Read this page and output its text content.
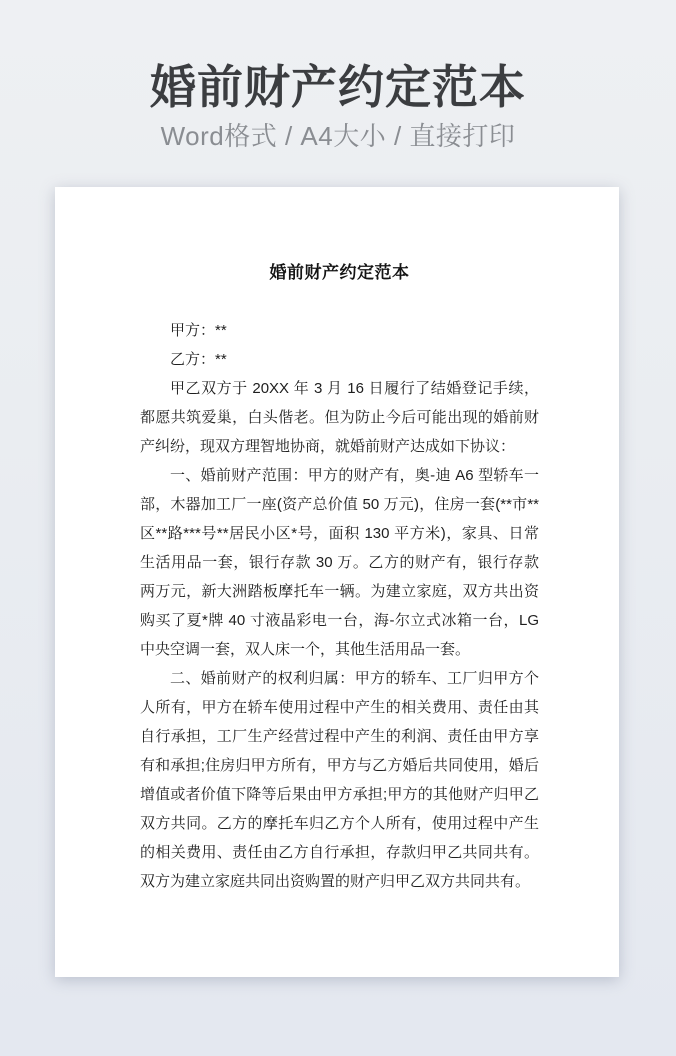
婚前财产约定范本

Word格式 / A4大小 / 直接打印

婚前财产约定范本

甲方：**

乙方：**

甲乙双方于 20XX 年 3 月 16 日履行了结婚登记手续，都愿共筑爱巢，白头偕老。但为防止今后可能出现的婚前财产纠纷，现双方理智地协商，就婚前财产达成如下协议：

一、婚前财产范围：甲方的财产有，奥-迪 A6 型轿车一部，木器加工厂一座(资产总价值 50 万元)，住房一套(**市**区**路***号**居民小区*号，面积 130 平方米)，家具、日常生活用品一套，银行存款 30 万。乙方的财产有，银行存款两万元，新大洲踏板摩托车一辆。为建立家庭，双方共出资购买了夏*牌 40 寸液晶彩电一台，海-尔立式冰箱一台，LG 中央空调一套，双人床一个，其他生活用品一套。

二、婚前财产的权利归属：甲方的轿车、工厂归甲方个人所有，甲方在轿车使用过程中产生的相关费用、责任由其自行承担，工厂生产经营过程中产生的利润、责任由甲方享有和承担;住房归甲方所有，甲方与乙方婚后共同使用，婚后增值或者价值下降等后果由甲方承担;甲方的其他财产归甲乙双方共同。乙方的摩托车归乙方个人所有，使用过程中产生的相关费用、责任由乙方自行承担，存款归甲乙共同共有。双方为建立家庭共同出资购置的财产归甲乙双方共同共有。
